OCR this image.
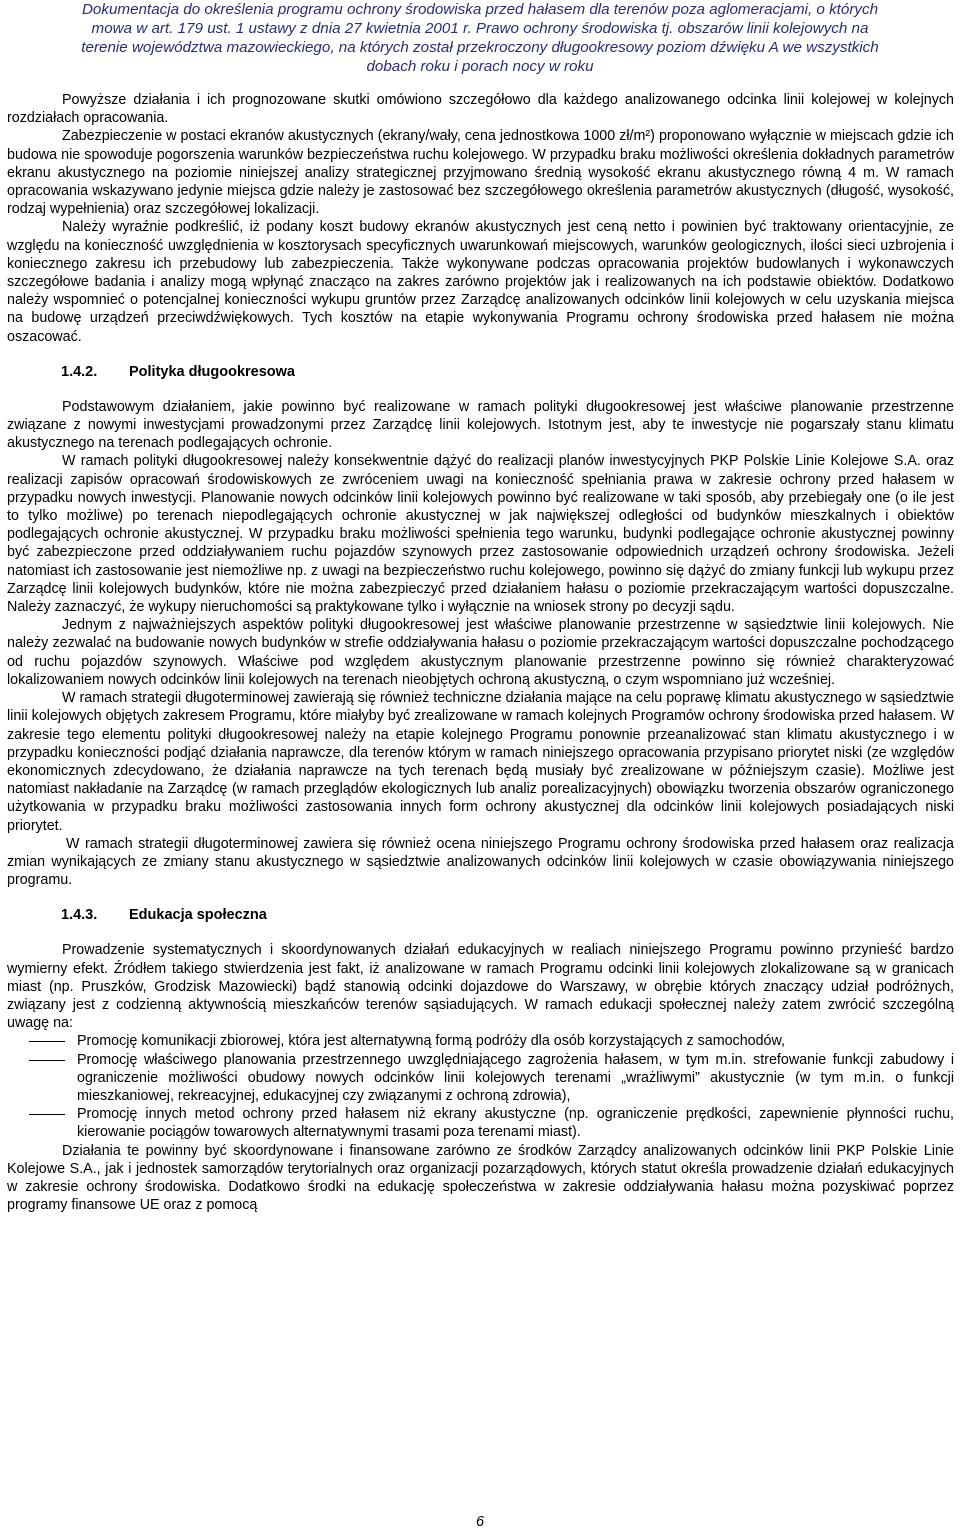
Dokumentacja do określenia programu ochrony środowiska przed hałasem dla terenów poza aglomeracjami, o których
mowa w art. 179 ust. 1 ustawy z dnia 27 kwietnia 2001 r. Prawo ochrony środowiska tj. obszarów linii kolejowych na
terenie województwa mazowieckiego, na których został przekroczony długookresowy poziom dźwięku A we wszystkich
dobach roku i porach nocy w roku

Powyższe działania i ich prognozowane skutki omówiono szczegółowo dla każdego analizowanego odcinka linii kolejowej w kolejnych rozdziałach opracowania.

Zabezpieczenie w postaci ekranów akustycznych (ekrany/wały, cena jednostkowa 1000 zł/m²) proponowano wyłącznie w miejscach gdzie ich budowa nie spowoduje pogorszenia warunków bezpieczeństwa ruchu kolejowego. W przypadku braku możliwości określenia dokładnych parametrów ekranu akustycznego na poziomie niniejszej analizy strategicznej przyjmowano średnią wysokość ekranu akustycznego równą 4 m. W ramach opracowania wskazywano jedynie miejsca gdzie należy je zastosować bez szczegółowego określenia parametrów akustycznych (długość, wysokość, rodzaj wypełnienia) oraz szczegółowej lokalizacji.

Należy wyraźnie podkreślić, iż podany koszt budowy ekranów akustycznych jest ceną netto i powinien być traktowany orientacyjnie, ze względu na konieczność uwzględnienia w kosztorysach specyficznych uwarunkowań miejscowych, warunków geologicznych, ilości sieci uzbrojenia i koniecznego zakresu ich przebudowy lub zabezpieczenia. Także wykonywane podczas opracowania projektów budowlanych i wykonawczych szczegółowe badania i analizy mogą wpłynąć znacząco na zakres zarówno projektów jak i realizowanych na ich podstawie obiektów. Dodatkowo należy wspomnieć o potencjalnej konieczności wykupu gruntów przez Zarządcę analizowanych odcinków linii kolejowych w celu uzyskania miejsca na budowę urządzeń przeciwdźwiękowych. Tych kosztów na etapie wykonywania Programu ochrony środowiska przed hałasem nie można oszacować.

1.4.2. Polityka długookresowa

Podstawowym działaniem, jakie powinno być realizowane w ramach polityki długookresowej jest właściwe planowanie przestrzenne związane z nowymi inwestycjami prowadzonymi przez Zarządcę linii kolejowych. Istotnym jest, aby te inwestycje nie pogarszały stanu klimatu akustycznego na terenach podlegających ochronie.

W ramach polityki długookresowej należy konsekwentnie dążyć do realizacji planów inwestycyjnych PKP Polskie Linie Kolejowe S.A. oraz realizacji zapisów opracowań środowiskowych ze zwróceniem uwagi na konieczność spełniania prawa w zakresie ochrony przed hałasem w przypadku nowych inwestycji. Planowanie nowych odcinków linii kolejowych powinno być realizowane w taki sposób, aby przebiegały one (o ile jest to tylko możliwe) po terenach niepodlegających ochronie akustycznej w jak największej odległości od budynków mieszkalnych i obiektów podlegających ochronie akustycznej. W przypadku braku możliwości spełnienia tego warunku, budynki podlegające ochronie akustycznej powinny być zabezpieczone przed oddziaływaniem ruchu pojazdów szynowych przez zastosowanie odpowiednich urządzeń ochrony środowiska. Jeżeli natomiast ich zastosowanie jest niemożliwe np. z uwagi na bezpieczeństwo ruchu kolejowego, powinno się dążyć do zmiany funkcji lub wykupu przez Zarządcę linii kolejowych budynków, które nie można zabezpieczyć przed działaniem hałasu o poziomie przekraczającym wartości dopuszczalne. Należy zaznaczyć, że wykupy nieruchomości są praktykowane tylko i wyłącznie na wniosek strony po decyzji sądu.

Jednym z najważniejszych aspektów polityki długookresowej jest właściwe planowanie przestrzenne w sąsiedztwie linii kolejowych. Nie należy zezwalać na budowanie nowych budynków w strefie oddziaływania hałasu o poziomie przekraczającym wartości dopuszczalne pochodzącego od ruchu pojazdów szynowych. Właściwe pod względem akustycznym planowanie przestrzenne powinno się również charakteryzować lokalizowaniem nowych odcinków linii kolejowych na terenach nieobjętych ochroną akustyczną, o czym wspomniano już wcześniej.

W ramach strategii długoterminowej zawierają się również techniczne działania mające na celu poprawę klimatu akustycznego w sąsiedztwie linii kolejowych objętych zakresem Programu, które miałyby być zrealizowane w ramach kolejnych Programów ochrony środowiska przed hałasem. W zakresie tego elementu polityki długookresowej należy na etapie kolejnego Programu ponownie przeanalizować stan klimatu akustycznego i w przypadku konieczności podjąć działania naprawcze, dla terenów którym w ramach niniejszego opracowania przypisano priorytet niski (ze względów ekonomicznych zdecydowano, że działania naprawcze na tych terenach będą musiały być zrealizowane w późniejszym czasie). Możliwe jest natomiast nakładanie na Zarządcę (w ramach przeglądów ekologicznych lub analiz porealizacyjnych) obowiązku tworzenia obszarów ograniczonego użytkowania w przypadku braku możliwości zastosowania innych form ochrony akustycznej dla odcinków linii kolejowych posiadających niski priorytet.

W ramach strategii długoterminowej zawiera się również ocena niniejszego Programu ochrony środowiska przed hałasem oraz realizacja zmian wynikających ze zmiany stanu akustycznego w sąsiedztwie analizowanych odcinków linii kolejowych w czasie obowiązywania niniejszego programu.

1.4.3. Edukacja społeczna

Prowadzenie systematycznych i skoordynowanych działań edukacyjnych w realiach niniejszego Programu powinno przynieść bardzo wymierny efekt. Źródłem takiego stwierdzenia jest fakt, iż analizowane w ramach Programu odcinki linii kolejowych zlokalizowane są w granicach miast (np. Pruszków, Grodzisk Mazowiecki) bądź stanowią odcinki dojazdowe do Warszawy, w obrębie których znaczący udział podróżnych, związany jest z codzienną aktywnością mieszkańców terenów sąsiadujących. W ramach edukacji społecznej należy zatem zwrócić szczególną uwagę na:

Promocję komunikacji zbiorowej, która jest alternatywną formą podróży dla osób korzystających z samochodów,
Promocję właściwego planowania przestrzennego uwzględniającego zagrożenia hałasem, w tym m.in. strefowanie funkcji zabudowy i ograniczenie możliwości obudowy nowych odcinków linii kolejowych terenami „wrażliwymi” akustycznie (w tym m.in. o funkcji mieszkaniowej, rekreacyjnej, edukacyjnej czy związanymi z ochroną zdrowia),
Promocję innych metod ochrony przed hałasem niż ekrany akustyczne (np. ograniczenie prędkości, zapewnienie płynności ruchu, kierowanie pociągów towarowych alternatywnymi trasami poza terenami miast).

Działania te powinny być skoordynowane i finansowane zarówno ze środków Zarządcy analizowanych odcinków linii PKP Polskie Linie Kolejowe S.A., jak i jednostek samorządów terytorialnych oraz organizacji pozarządowych, których statut określa prowadzenie działań edukacyjnych w zakresie ochrony środowiska. Dodatkowo środki na edukację społeczeństwa w zakresie oddziaływania hałasu można pozyskiwać poprzez programy finansowe UE oraz z pomocą

6
